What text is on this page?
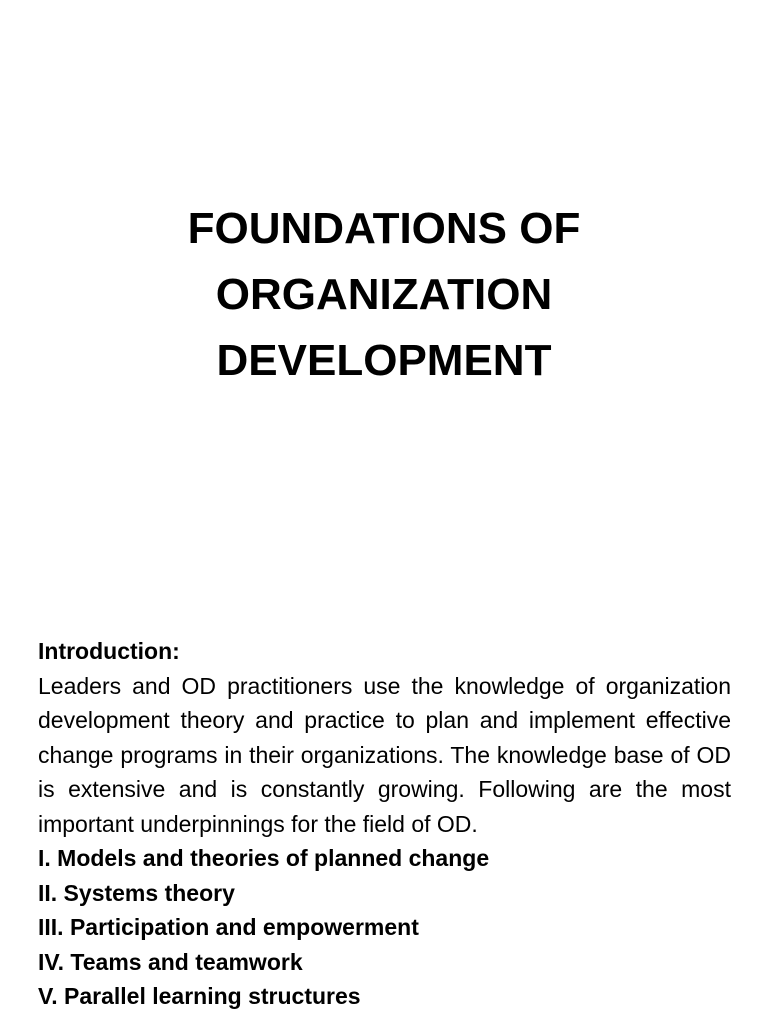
FOUNDATIONS OF
ORGANIZATION
DEVELOPMENT

Introduction:

Leaders and OD practitioners use the knowledge of organization development theory and practice to plan and implement effective change programs in their organizations. The knowledge base of OD is extensive and is constantly growing. Following are the most important underpinnings for the field of OD.

I. Models and theories of planned change

II. Systems theory

III. Participation and empowerment

IV. Teams and teamwork

V. Parallel learning structures
